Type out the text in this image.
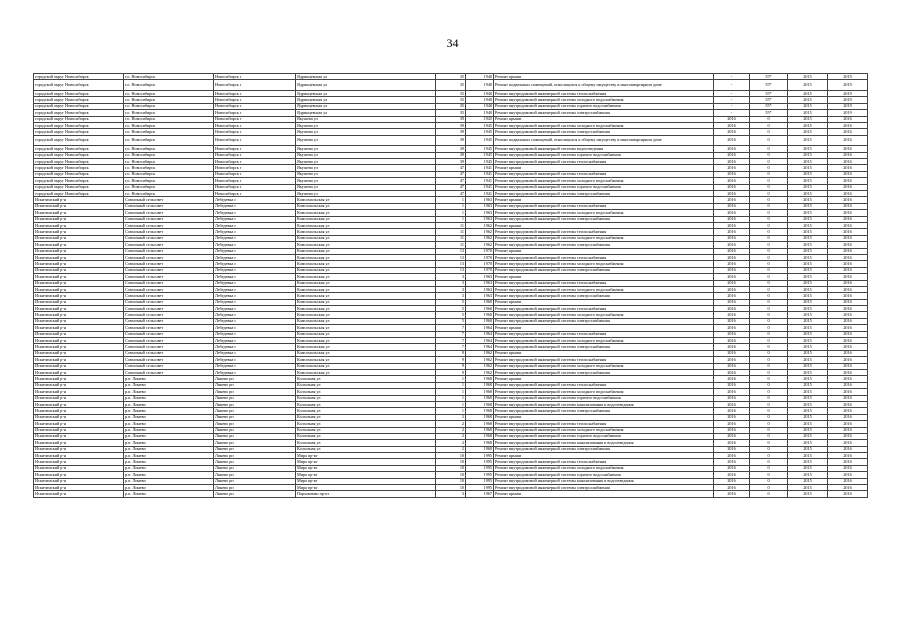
34
городской округ Новосибирск	г.о. Новосибирск	Новосибирск г	Ядринцевская ул	35	1940	Ремонт крыши	-	55*	2015	2019
городской округ Новосибирск	г.о. Новосибирск	Новосибирск г	Ядринцевская ул	35	1940	Ремонт подвальных помещений, относящихся к общему имуществу в многоквартирном доме	-	55*	2015	2019
городской округ Новосибирск	г.о. Новосибирск	Новосибирск г	Ядринцевская ул	35	1940	Ремонт внутридомовой инженерной системы теплоснабжения	-	55*	2015	2019
городской округ Новосибирск	г.о. Новосибирск	Новосибирск г	Ядринцевская ул	35	1940	Ремонт внутридомовой инженерной системы холодного водоснабжения	-	55*	2015	2019
городской округ Новосибирск	г.о. Новосибирск	Новосибирск г	Ядринцевская ул	35	1940	Ремонт внутридомовой инженерной системы горячего водоснабжения	-	55*	2015	2019
городской округ Новосибирск	г.о. Новосибирск	Новосибирск г	Ядринцевская ул	35	1940	Ремонт внутридомовой инженерной системы электроснабжения	-	55*	2015	2019
городской округ Новосибирск	г.о. Новосибирск	Новосибирск г	Якушева ул	39	1945	Ремонт крыши	2016	0	2015	2016
городской округ Новосибирск	г.о. Новосибирск	Новосибирск г	Якушева ул	39	1945	Ремонт внутридомовой инженерной системы холодного водоснабжения	2016	0	2015	2016
городской округ Новосибирск	г.о. Новосибирск	Новосибирск г	Якушева ул	39	1945	Ремонт внутридомовой инженерной системы электроснабжения	2016	0	2015	2016
городской округ Новосибирск	г.о. Новосибирск	Новосибирск г	Якушева ул	39	1945	Ремонт подвальных помещений, относящихся к общему имуществу в многоквартирном доме	2016	0	2015	2016
городской округ Новосибирск	г.о. Новосибирск	Новосибирск г	Якушева ул	39	1945	Ремонт внутридомовой инженерной системы водоотведения	2016	0	2015	2016
городской округ Новосибирск	г.о. Новосибирск	Новосибирск г	Якушева ул	39	1945	Ремонт внутридомовой инженерной системы горячего водоснабжения	2016	0	2015	2016
городской округ Новосибирск	г.о. Новосибирск	Новосибирск г	Якушева ул	39	1945	Ремонт внутридомовой инженерной системы теплоснабжения	2016	0	2015	2016
городской округ Новосибирск	г.о. Новосибирск	Новосибирск г	Якушева ул	47	1941	Ремонт крыши	2016	0	2015	2016
городской округ Новосибирск	г.о. Новосибирск	Новосибирск г	Якушева ул	47	1941	Ремонт внутридомовой инженерной системы теплоснабжения	2016	0	2015	2016
городской округ Новосибирск	г.о. Новосибирск	Новосибирск г	Якушева ул	47	1941	Ремонт внутридомовой инженерной системы холодного водоснабжения	2016	0	2015	2016
городской округ Новосибирск	г.о. Новосибирск	Новосибирск г	Якушева ул	47	1941	Ремонт внутридомовой инженерной системы горячего водоснабжения	2016	0	2015	2016
городской округ Новосибирск	г.о. Новосибирск	Новосибирск г	Якушева ул	47	1941	Ремонт внутридомовой инженерной системы электроснабжения	2016	0	2015	2016
Искитимский р-н	Совхозный сельсовет	Лебедевка с	Комсомольская ул	1	1963	Ремонт крыши	2016	0	2015	2016
Искитимский р-н	Совхозный сельсовет	Лебедевка с	Комсомольская ул	1	1963	Ремонт внутридомовой инженерной системы теплоснабжения	2016	0	2015	2016
Искитимский р-н	Совхозный сельсовет	Лебедевка с	Комсомольская ул	1	1963	Ремонт внутридомовой инженерной системы холодного водоснабжения	2016	0	2015	2016
Искитимский р-н	Совхозный сельсовет	Лебедевка с	Комсомольская ул	1	1963	Ремонт внутридомовой инженерной системы электроснабжения	2016	0	2015	2016
Искитимский р-н	Совхозный сельсовет	Лебедевка с	Комсомольская ул	11	1962	Ремонт крыши	2016	0	2015	2016
Искитимский р-н	Совхозный сельсовет	Лебедевка с	Комсомольская ул	11	1962	Ремонт внутридомовой инженерной системы теплоснабжения	2016	0	2015	2016
Искитимский р-н	Совхозный сельсовет	Лебедевка с	Комсомольская ул	11	1962	Ремонт внутридомовой инженерной системы холодного водоснабжения	2016	0	2015	2016
Искитимский р-н	Совхозный сельсовет	Лебедевка с	Комсомольская ул	11	1962	Ремонт внутридомовой инженерной системы электроснабжения	2016	0	2015	2016
Искитимский р-н	Совхозный сельсовет	Лебедевка с	Комсомольская ул	13	1970	Ремонт крыши	2016	0	2015	2016
Искитимский р-н	Совхозный сельсовет	Лебедевка с	Комсомольская ул	13	1970	Ремонт внутридомовой инженерной системы теплоснабжения	2016	0	2015	2016
Искитимский р-н	Совхозный сельсовет	Лебедевка с	Комсомольская ул	13	1970	Ремонт внутридомовой инженерной системы холодного водоснабжения	2016	0	2015	2016
Искитимский р-н	Совхозный сельсовет	Лебедевка с	Комсомольская ул	13	1970	Ремонт внутридомовой инженерной системы электроснабжения	2016	0	2015	2016
Искитимский р-н	Совхозный сельсовет	Лебедевка с	Комсомольская ул	3	1963	Ремонт крыши	2016	0	2015	2016
Искитимский р-н	Совхозный сельсовет	Лебедевка с	Комсомольская ул	3	1963	Ремонт внутридомовой инженерной системы теплоснабжения	2016	0	2015	2016
Искитимский р-н	Совхозный сельсовет	Лебедевка с	Комсомольская ул	3	1963	Ремонт внутридомовой инженерной системы холодного водоснабжения	2016	0	2015	2016
Искитимский р-н	Совхозный сельсовет	Лебедевка с	Комсомольская ул	3	1963	Ремонт внутридомовой инженерной системы электроснабжения	2016	0	2015	2016
Искитимский р-н	Совхозный сельсовет	Лебедевка с	Комсомольская ул	5	1960	Ремонт крыши	2016	0	2015	2016
Искитимский р-н	Совхозный сельсовет	Лебедевка с	Комсомольская ул	5	1960	Ремонт внутридомовой инженерной системы теплоснабжения	2016	0	2015	2016
Искитимский р-н	Совхозный сельсовет	Лебедевка с	Комсомольская ул	5	1960	Ремонт внутридомовой инженерной системы холодного водоснабжения	2016	0	2015	2016
Искитимский р-н	Совхозный сельсовет	Лебедевка с	Комсомольская ул	5	1960	Ремонт внутридомовой инженерной системы электроснабжения	2016	0	2015	2016
Искитимский р-н	Совхозный сельсовет	Лебедевка с	Комсомольская ул	7	1964	Ремонт крыши	2016	0	2015	2016
Искитимский р-н	Совхозный сельсовет	Лебедевка с	Комсомольская ул	7	1964	Ремонт внутридомовой инженерной системы теплоснабжения	2016	0	2015	2016
Искитимский р-н	Совхозный сельсовет	Лебедевка с	Комсомольская ул	7	1964	Ремонт внутридомовой инженерной системы холодного водоснабжения	2016	0	2015	2016
Искитимский р-н	Совхозный сельсовет	Лебедевка с	Комсомольская ул	7	1964	Ремонт внутридомовой инженерной системы электроснабжения	2016	0	2015	2016
Искитимский р-н	Совхозный сельсовет	Лебедевка с	Комсомольская ул	9	1962	Ремонт крыши	2016	0	2015	2016
Искитимский р-н	Совхозный сельсовет	Лебедевка с	Комсомольская ул	9	1962	Ремонт внутридомовой инженерной системы теплоснабжения	2016	0	2015	2016
Искитимский р-н	Совхозный сельсовет	Лебедевка с	Комсомольская ул	9	1962	Ремонт внутридомовой инженерной системы холодного водоснабжения	2016	0	2015	2016
Искитимский р-н	Совхозный сельсовет	Лебедевка с	Комсомольская ул	9	1962	Ремонт внутридомовой инженерной системы электроснабжения	2016	0	2015	2016
Искитимский р-н	р.п. Линево	Линево рп	Колхозная ул	1	1968	Ремонт крыши	2016	0	2015	2016
Искитимский р-н	р.п. Линево	Линево рп	Колхозная ул	1	1968	Ремонт внутридомовой инженерной системы теплоснабжения	2016	0	2015	2016
Искитимский р-н	р.п. Линево	Линево рп	Колхозная ул	1	1968	Ремонт внутридомовой инженерной системы холодного водоснабжения	2016	0	2015	2016
Искитимский р-н	р.п. Линево	Линево рп	Колхозная ул	1	1968	Ремонт внутридомовой инженерной системы горячего водоснабжения	2016	0	2015	2016
Искитимский р-н	р.п. Линево	Линево рп	Колхозная ул	1	1968	Ремонт внутридомовой инженерной системы канализования и водоотведения	2016	0	2015	2016
Искитимский р-н	р.п. Линево	Линево рп	Колхозная ул	1	1968	Ремонт внутридомовой инженерной системы электроснабжения	2016	0	2015	2016
Искитимский р-н	р.п. Линево	Линево рп	Колхозная ул	2	1968	Ремонт крыши	2016	0	2015	2016
Искитимский р-н	р.п. Линево	Линево рп	Колхозная ул	2	1968	Ремонт внутридомовой инженерной системы теплоснабжения	2016	0	2015	2016
Искитимский р-н	р.п. Линево	Линево рп	Колхозная ул	2	1968	Ремонт внутридомовой инженерной системы холодного водоснабжения	2016	0	2015	2016
Искитимский р-н	р.п. Линево	Линево рп	Колхозная ул	2	1968	Ремонт внутридомовой инженерной системы горячего водоснабжения	2016	0	2015	2016
Искитимский р-н	р.п. Линево	Линево рп	Колхозная ул	2	1968	Ремонт внутридомовой инженерной системы канализования и водоотведения	2016	0	2015	2016
Искитимский р-н	р.п. Линево	Линево рп	Колхозная ул	2	1968	Ремонт внутридомовой инженерной системы электроснабжения	2016	0	2015	2016
Искитимский р-н	р.п. Линево	Линево рп	Мира пр-кт	10	1995	Ремонт крыши	2016	0	2015	2016
Искитимский р-н	р.п. Линево	Линево рп	Мира пр-кт	10	1995	Ремонт внутридомовой инженерной системы теплоснабжения	2016	0	2015	2016
Искитимский р-н	р.п. Линево	Линево рп	Мира пр-кт	10	1995	Ремонт внутридомовой инженерной системы холодного водоснабжения	2016	0	2015	2016
Искитимский р-н	р.п. Линево	Линево рп	Мира пр-кт	10	1995	Ремонт внутридомовой инженерной системы горячего водоснабжения	2016	0	2015	2016
Искитимский р-н	р.п. Линево	Линево рп	Мира пр-кт	10	1995	Ремонт внутридомовой инженерной системы канализования и водоотведения	2016	0	2015	2016
Искитимский р-н	р.п. Линево	Линево рп	Мира пр-кт	10	1995	Ремонт внутридомовой инженерной системы электроснабжения	2016	0	2015	2016
Искитимский р-н	р.п. Линево	Линево рп	Пархоменко пр-кт	3	1967	Ремонт крыши	2016	0	2015	2016
